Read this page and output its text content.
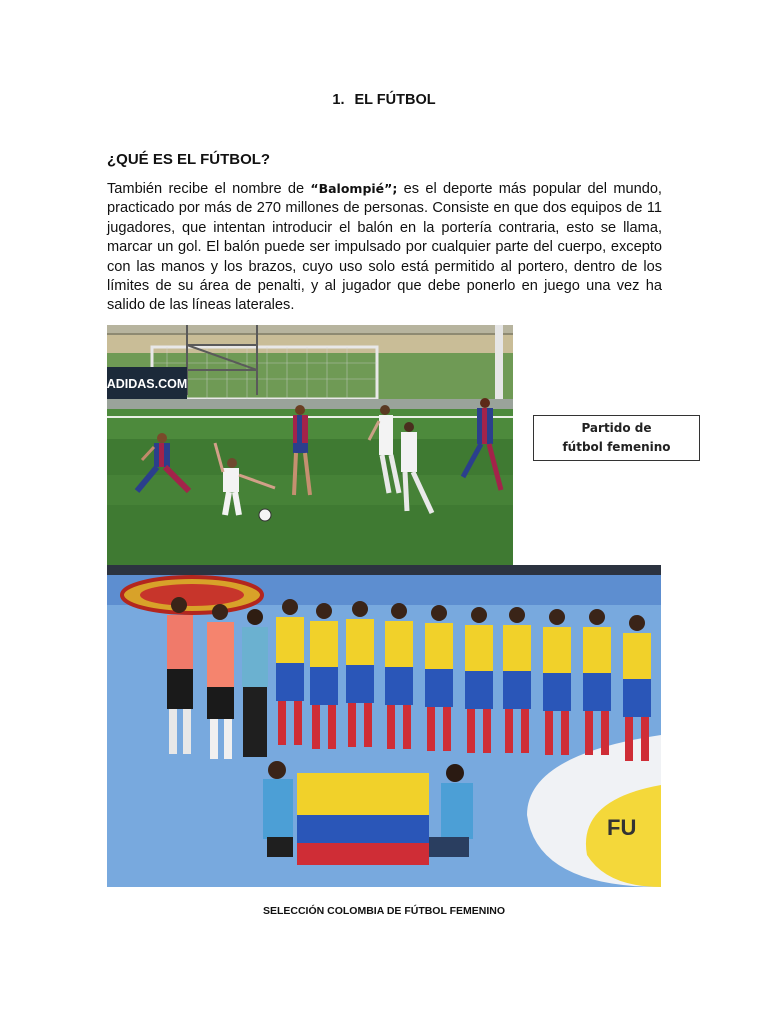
1. EL FÚTBOL
¿QUÉ ES EL FÚTBOL?
También recibe el nombre de “Balompié”; es el deporte más popular del mundo, practicado por más de 270 millones de personas. Consiste en que dos equipos de 11 jugadores, que intentan introducir el balón en la portería contraria, esto se llama, marcar un gol. El balón puede ser impulsado por cualquier parte del cuerpo, excepto con las manos y los brazos, cuyo uso solo está permitido al portero, dentro de los límites de su área de penalti, y al jugador que debe ponerlo en juego una vez ha salido de las líneas laterales.
ADIDAS.COM
Partido de fútbol femenino
FU
SELECCIÓN COLOMBIA DE FÚTBOL FEMENINO
